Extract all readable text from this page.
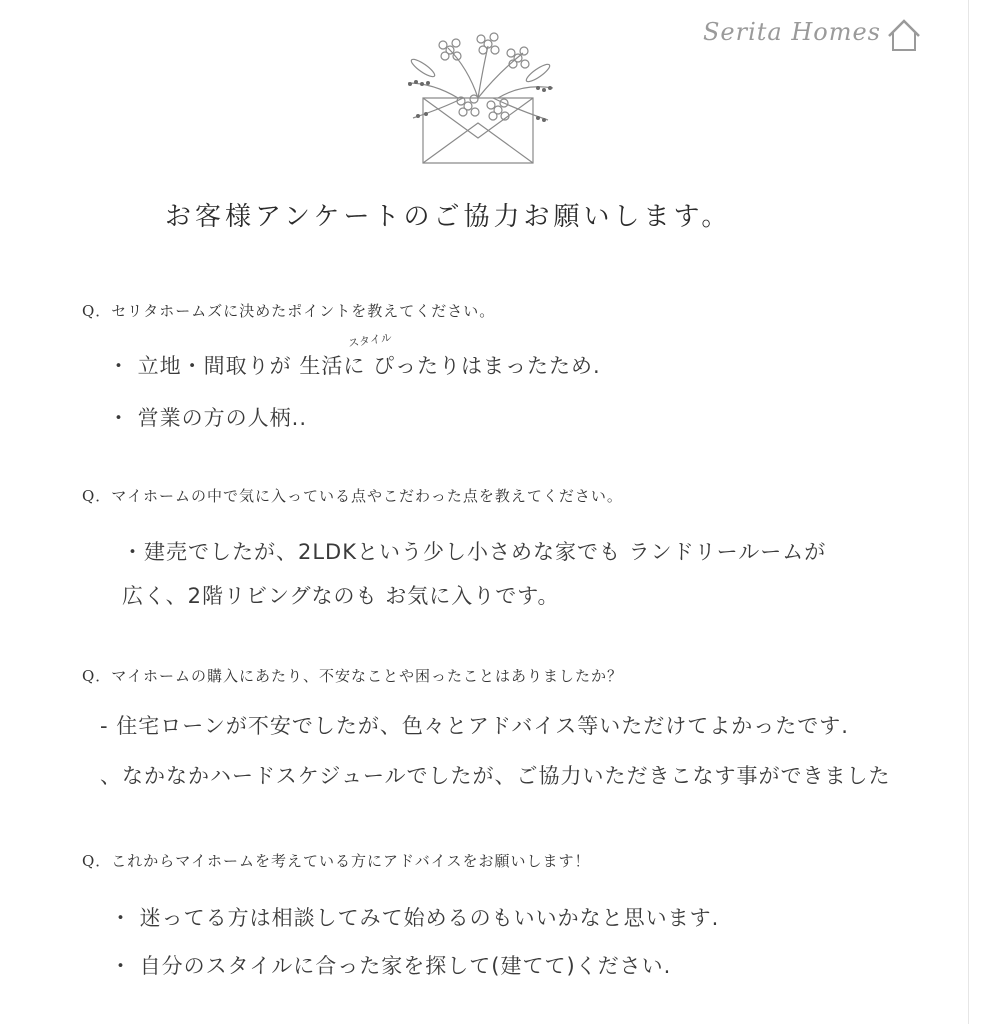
Serita Homes
お客様アンケートのご協力お願いします。
Q．セリタホームズに決めたポイントを教えてください。
スタイル
・ 立地・間取りが 生活に ぴったりはまったため.
・ 営業の方の人柄..
Q．マイホームの中で気に入っている点やこだわった点を教えてください。
・建売でしたが、2LDKという少し小さめな家でも ランドリールームが
広く、2階リビングなのも お気に入りです。
Q．マイホームの購入にあたり、不安なことや困ったことはありましたか？
- 住宅ローンが不安でしたが、色々とアドバイス等いただけてよかったです.
、なかなかハードスケジュールでしたが、ご協力いただきこなす事ができました
Q．これからマイホームを考えている方にアドバイスをお願いします！
・ 迷ってる方は相談してみて始めるのもいいかなと思います.
・ 自分のスタイルに合った家を探して(建てて)ください.
